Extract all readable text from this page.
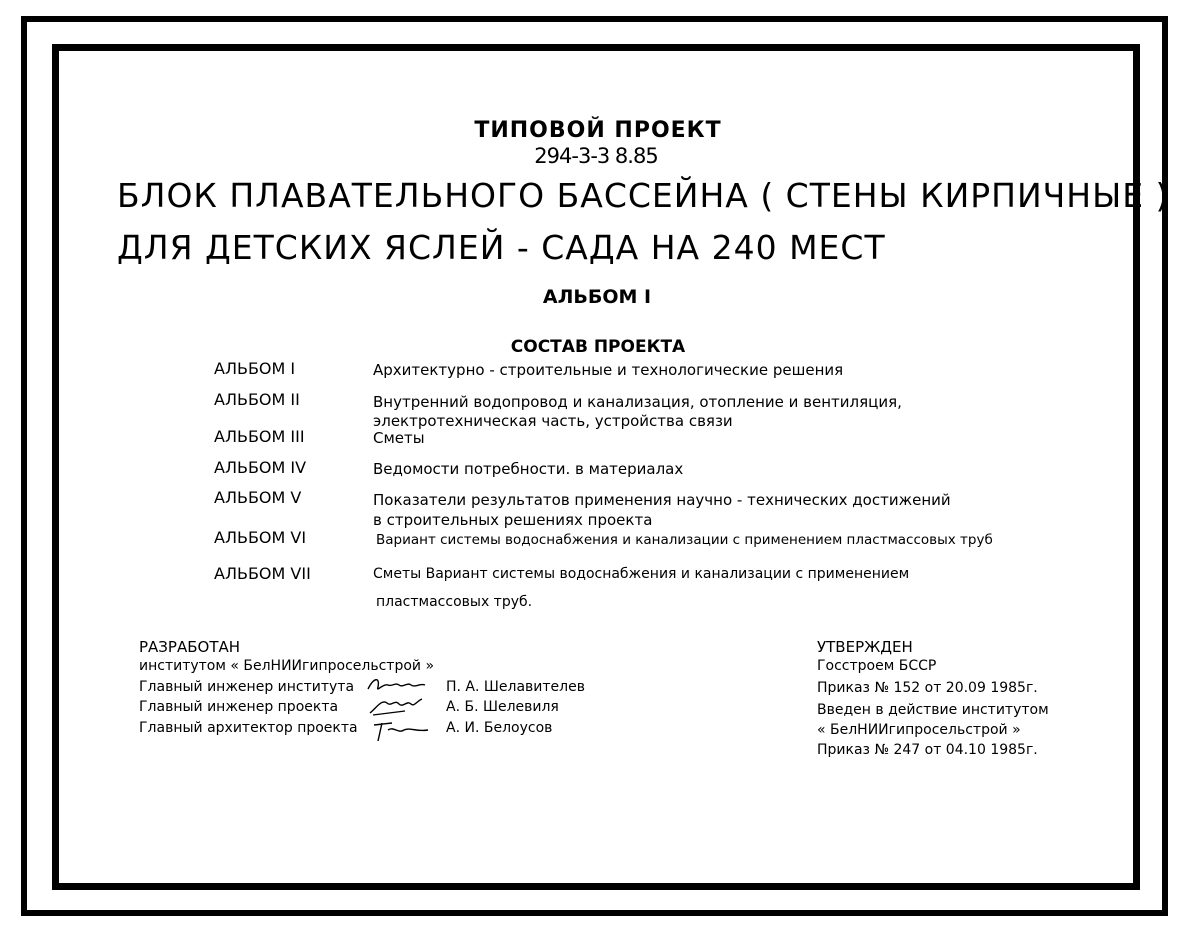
ТИПОВОЙ ПРОЕКТ
294-3-3 8.85
БЛОК ПЛАВАТЕЛЬНОГО БАССЕЙНА ( СТЕНЫ КИРПИЧНЫЕ )
ДЛЯ ДЕТСКИХ ЯСЛЕЙ - САДА НА 240 МЕСТ
АЛЬБОМ I
СОСТАВ ПРОЕКТА
АЛЬБОМ I	Архитектурно - строительные и технологические решения
АЛЬБОМ II	Внутренний водопровод и канализация, отопление и вентиляция,
электротехническая часть, устройства связи
АЛЬБОМ III	Сметы
АЛЬБОМ IV	Ведомости потребности. в материалах
АЛЬБОМ V	Показатели результатов применения научно - технических достижений
в строительных решениях проекта
АЛЬБОМ VI	Вариант системы водоснабжения и канализации с применением пластмассовых труб
АЛЬБОМ VII	Сметы Вариант системы водоснабжения и канализации с применением
пластмассовых труб.
РАЗРАБОТАН
институтом « БелНИИгипросельстрой »
Главный инженер института	П. А. Шелавителев
Главный инженер проекта	А. Б. Шелевиля
Главный архитектор проекта	А. И. Белоусов
УТВЕРЖДЕН
Госстроем БССР
Приказ № 152 от 20.09 1985г.
Введен в действие институтом
« БелНИИгипросельстрой »
Приказ № 247 от 04.10 1985г.
